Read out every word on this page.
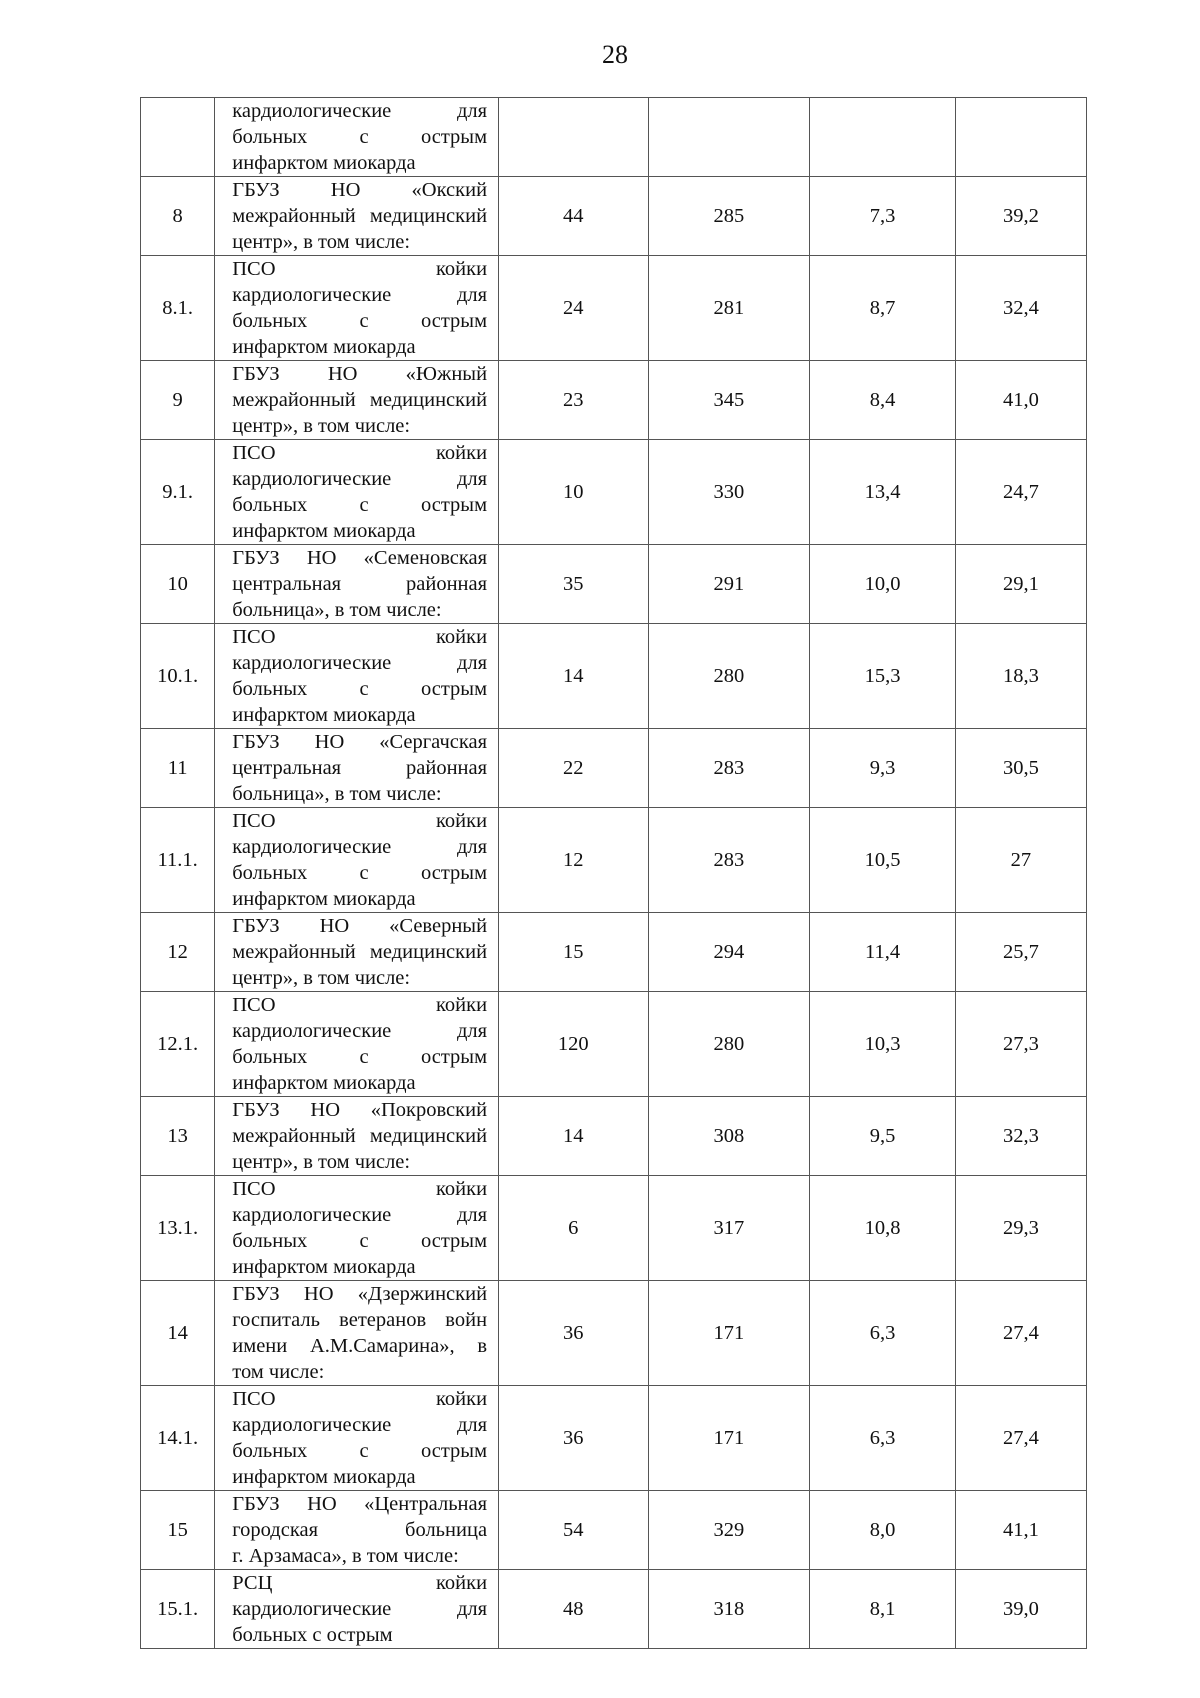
28

	кардиологические для
больных с острым
инфарктом миокарда				

8	ГБУЗ НО «Окский
межрайонный медицинский
центр», в том числе:	44	285	7,3	39,2
8.1.	ПСО койки
кардиологические для
больных с острым
инфарктом миокарда	24	281	8,7	32,4
9	ГБУЗ НО «Южный
межрайонный медицинский
центр», в том числе:	23	345	8,4	41,0
9.1.	ПСО койки
кардиологические для
больных с острым
инфарктом миокарда	10	330	13,4	24,7
10	ГБУЗ НО «Семеновская
центральная районная
больница», в том числе:	35	291	10,0	29,1
10.1.	ПСО койки
кардиологические для
больных с острым
инфарктом миокарда	14	280	15,3	18,3
11	ГБУЗ НО «Сергачская
центральная районная
больница», в том числе:	22	283	9,3	30,5
11.1.	ПСО койки
кардиологические для
больных с острым
инфарктом миокарда	12	283	10,5	27
12	ГБУЗ НО «Северный
межрайонный медицинский
центр», в том числе:	15	294	11,4	25,7
12.1.	ПСО койки
кардиологические для
больных с острым
инфарктом миокарда	120	280	10,3	27,3
13	ГБУЗ НО «Покровский
межрайонный медицинский
центр», в том числе:	14	308	9,5	32,3
13.1.	ПСО койки
кардиологические для
больных с острым
инфарктом миокарда	6	317	10,8	29,3
14	ГБУЗ НО «Дзержинский
госпиталь ветеранов войн
имени А.М.Самарина», в
том числе:	36	171	6,3	27,4
14.1.	ПСО койки
кардиологические для
больных с острым
инфарктом миокарда	36	171	6,3	27,4
15	ГБУЗ НО «Центральная
городская больница
г. Арзамаса», в том числе:	54	329	8,0	41,1
15.1.	РСЦ койки
кардиологические для
больных с острым	48	318	8,1	39,0
